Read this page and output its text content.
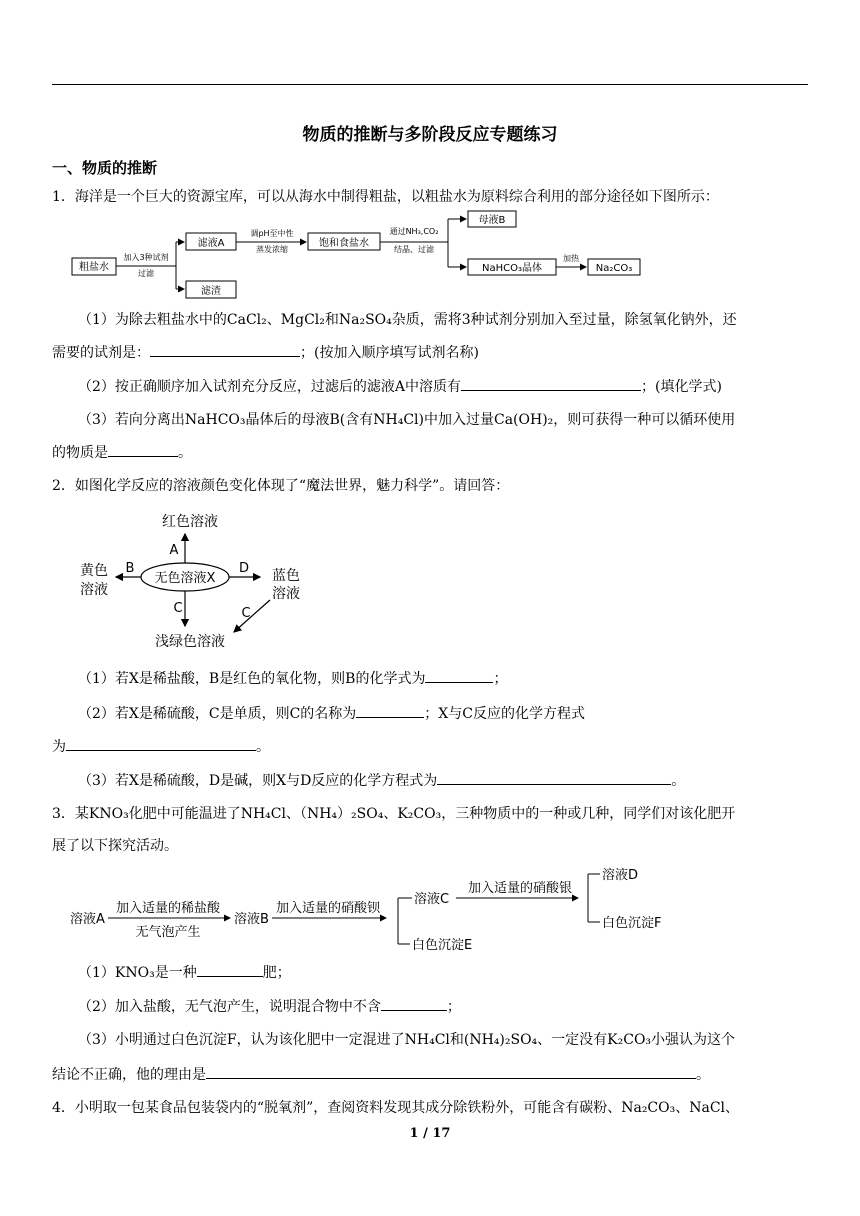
物质的推断与多阶段反应专题练习
一、物质的推断
1．海洋是一个巨大的资源宝库，可以从海水中制得粗盐，以粗盐水为原料综合利用的部分途径如下图所示：
粗盐水
滤液A
滤渣
饱和食盐水
母液B
NaHCO₃晶体	Na₂CO₃
加入3种试剂
过滤
调pH至中性
蒸发浓缩
通过NH₃,CO₂
结晶、过滤
加热
（1）为除去粗盐水中的CaCl₂、MgCl₂和Na₂SO₄杂质，需将3种试剂分别加入至过量，除氢氧化钠外，还
需要的试剂是：	；(按加入顺序填写试剂名称)
（2）按正确顺序加入试剂充分反应，过滤后的滤液A中溶质有	；(填化学式)
（3）若向分离出NaHCO₃晶体后的母液B(含有NH₄Cl)中加入过量Ca(OH)₂，则可获得一种可以循环使用
的物质是	。
2．如图化学反应的溶液颜色变化体现了“魔法世界，魅力科学”。请回答：
红色溶液
无色溶液X
黄色
溶液
蓝色
溶液
浅绿色溶液
A
B	D
C	C
（1）若X是稀盐酸，B是红色的氧化物，则B的化学式为	；
（2）若X是稀硫酸，C是单质，则C的名称为	；X与C反应的化学方程式
为	。
（3）若X是稀硫酸，D是碱，则X与D反应的化学方程式为	。
3．某KNO₃化肥中可能温进了NH₄Cl、（NH₄）₂SO₄、K₂CO₃，三种物质中的一种或几种，同学们对该化肥开
展了以下探究活动。
溶液A	溶液B
溶液C
白色沉淀E
溶液D
白色沉淀F
加入适量的稀盐酸
无气泡产生
加入适量的硝酸钡
加入适量的硝酸银
（1）KNO₃是一种	肥；
（2）加入盐酸，无气泡产生，说明混合物中不含	；
（3）小明通过白色沉淀F，认为该化肥中一定混进了NH₄Cl和(NH₄)₂SO₄、一定没有K₂CO₃小强认为这个
结论不正确，他的理由是	。
4．小明取一包某食品包装袋内的“脱氧剂”，查阅资料发现其成分除铁粉外，可能含有碳粉、Na₂CO₃、NaCl、
1 / 17
